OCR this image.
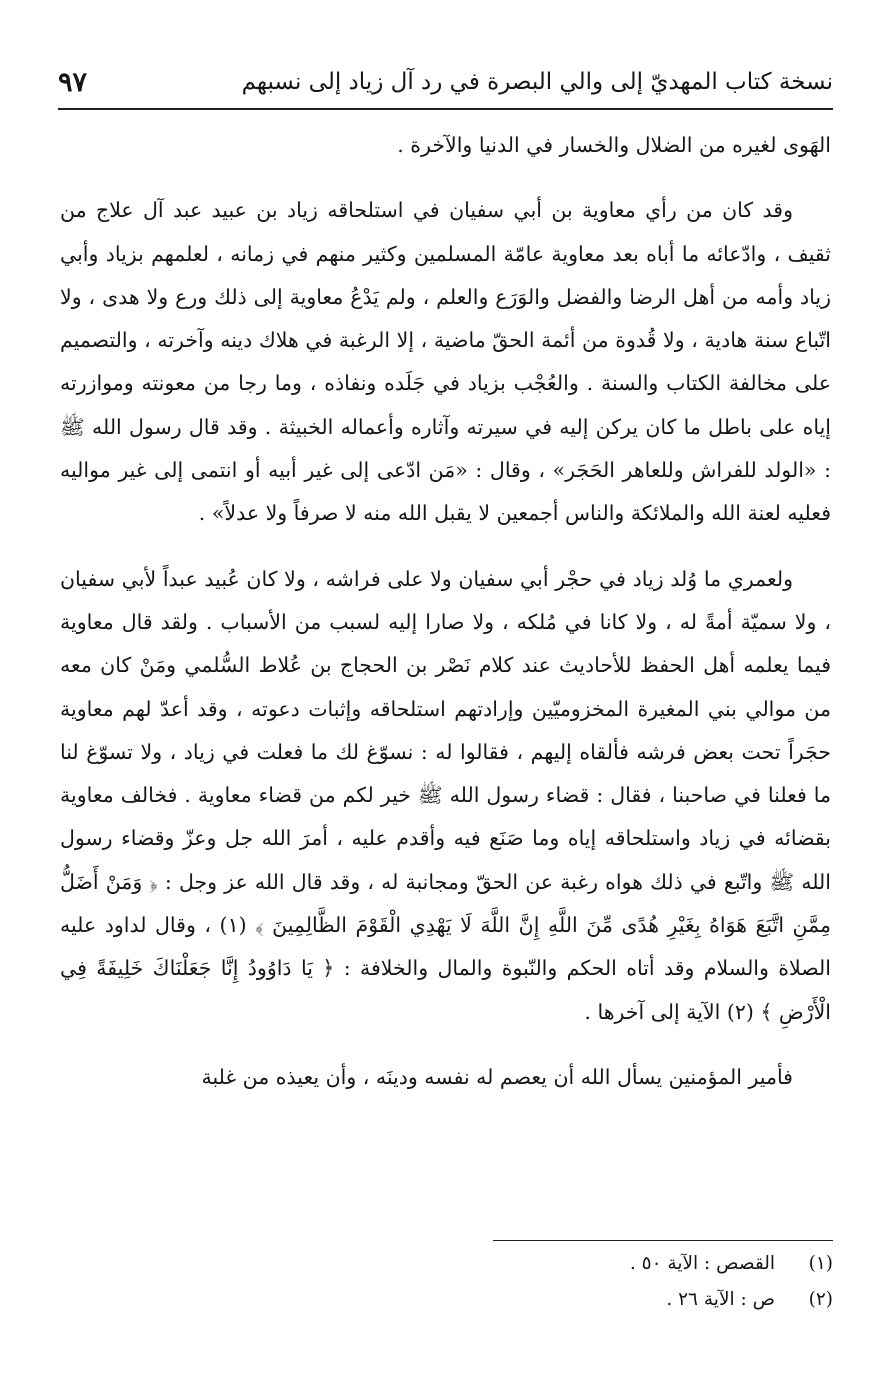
نسخة كتاب المهديّ إلى والي البصرة في رد آل زياد إلى نسبهم
٩٧

الهَوى لغيره من الضلال والخسار في الدنيا والآخرة .

وقد كان من رأي معاوية بن أبي سفيان في استلحاقه زياد بن عبيد عبد آل علاج من ثقيف ، وادّعائه ما أباه بعد معاوية عامّة المسلمين وكثير منهم في زمانه ، لعلمهم بزياد وأبي زياد وأمه من أهل الرضا والفضل والوَرَع والعلم ، ولم يَدْعُ معاوية إلى ذلك ورع ولا هدى ، ولا اتّباع سنة هادية ، ولا قُدوة من أئمة الحقّ ماضية ، إلا الرغبة في هلاك دينه وآخرته ، والتصميم على مخالفة الكتاب والسنة . والعُجْب بزياد في جَلَده ونفاذه ، وما رجا من معونته وموازرته إياه على باطل ما كان يركن إليه في سيرته وآثاره وأعماله الخبيثة . وقد قال رسول الله ﷺ : «الولد للفراش وللعاهر الحَجَر» ، وقال : «مَن ادّعى إلى غير أبيه أو انتمى إلى غير مواليه فعليه لعنة الله والملائكة والناس أجمعين لا يقبل الله منه لا صرفاً ولا عدلاً» .

ولعمري ما وُلد زياد في حجْر أبي سفيان ولا على فراشه ، ولا كان عُبيد عبداً لأبي سفيان ، ولا سميّة أمةً له ، ولا كانا في مُلكه ، ولا صارا إليه لسبب من الأسباب . ولقد قال معاوية فيما يعلمه أهل الحفظ للأحاديث عند كلام نَصْر بن الحجاج بن عُلاط السُّلمي ومَنْ كان معه من موالي بني المغيرة المخزوميّين وإرادتهم استلحاقه وإثبات دعوته ، وقد أعدّ لهم معاوية حجَراً تحت بعض فرشه فألقاه إليهم ، فقالوا له : نسوّغ لك ما فعلت في زياد ، ولا تسوّغ لنا ما فعلنا في صاحبنا ، فقال : قضاء رسول الله ﷺ خير لكم من قضاء معاوية . فخالف معاوية بقضائه في زياد واستلحاقه إياه وما صَنَع فيه وأقدم عليه ، أمرَ الله جل وعزّ وقضاء رسول الله ﷺ واتّبع في ذلك هواه رغبة عن الحقّ ومجانبة له ، وقد قال الله عز وجل : ﴿ وَمَنْ أَضَلُّ مِمَّنِ اتَّبَعَ هَوَاهُ بِغَيْرِ هُدًى مِّنَ اللَّهِ إِنَّ اللَّهَ لَا يَهْدِي الْقَوْمَ الظَّالِمِينَ ﴾ (١) ، وقال لداود عليه الصلاة والسلام وقد أتاه الحكم والنّبوة والمال والخلافة : ﴿ يَا دَاوُودُ إِنَّا جَعَلْنَاكَ خَلِيفَةً فِي الْأَرْضِ ﴾ (٢) الآية إلى آخرها .

فأمير المؤمنين يسأل الله أن يعصم له نفسه ودينَه ، وأن يعيذه من غلبة

(١)
القصص : الآية ٥٠ .
(٢)
ص : الآية ٢٦ .
